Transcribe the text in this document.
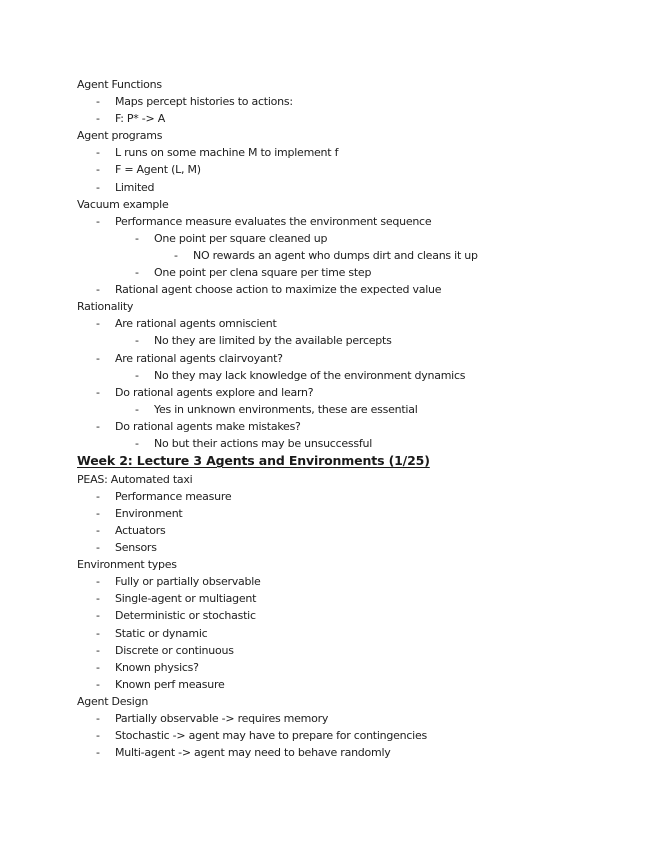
Agent Functions
-	Maps percept histories to actions:
-	F: P* -> A
Agent programs
-	L runs on some machine M to implement f
-	F = Agent (L, M)
-	Limited
Vacuum example
-	Performance measure evaluates the environment sequence
-	One point per square cleaned up
-	NO rewards an agent who dumps dirt and cleans it up
-	One point per clena square per time step
-	Rational agent choose action to maximize the expected value
Rationality
-	Are rational agents omniscient
-	No they are limited by the available percepts
-	Are rational agents clairvoyant?
-	No they may lack knowledge of the environment dynamics
-	Do rational agents explore and learn?
-	Yes in unknown environments, these are essential
-	Do rational agents make mistakes?
-	No but their actions may be unsuccessful
Week 2: Lecture 3 Agents and Environments (1/25)
PEAS: Automated taxi
-	Performance measure
-	Environment
-	Actuators
-	Sensors
Environment types
-	Fully or partially observable
-	Single-agent or multiagent
-	Deterministic or stochastic
-	Static or dynamic
-	Discrete or continuous
-	Known physics?
-	Known perf measure
Agent Design
-	Partially observable -> requires memory
-	Stochastic -> agent may have to prepare for contingencies
-	Multi-agent -> agent may need to behave randomly
